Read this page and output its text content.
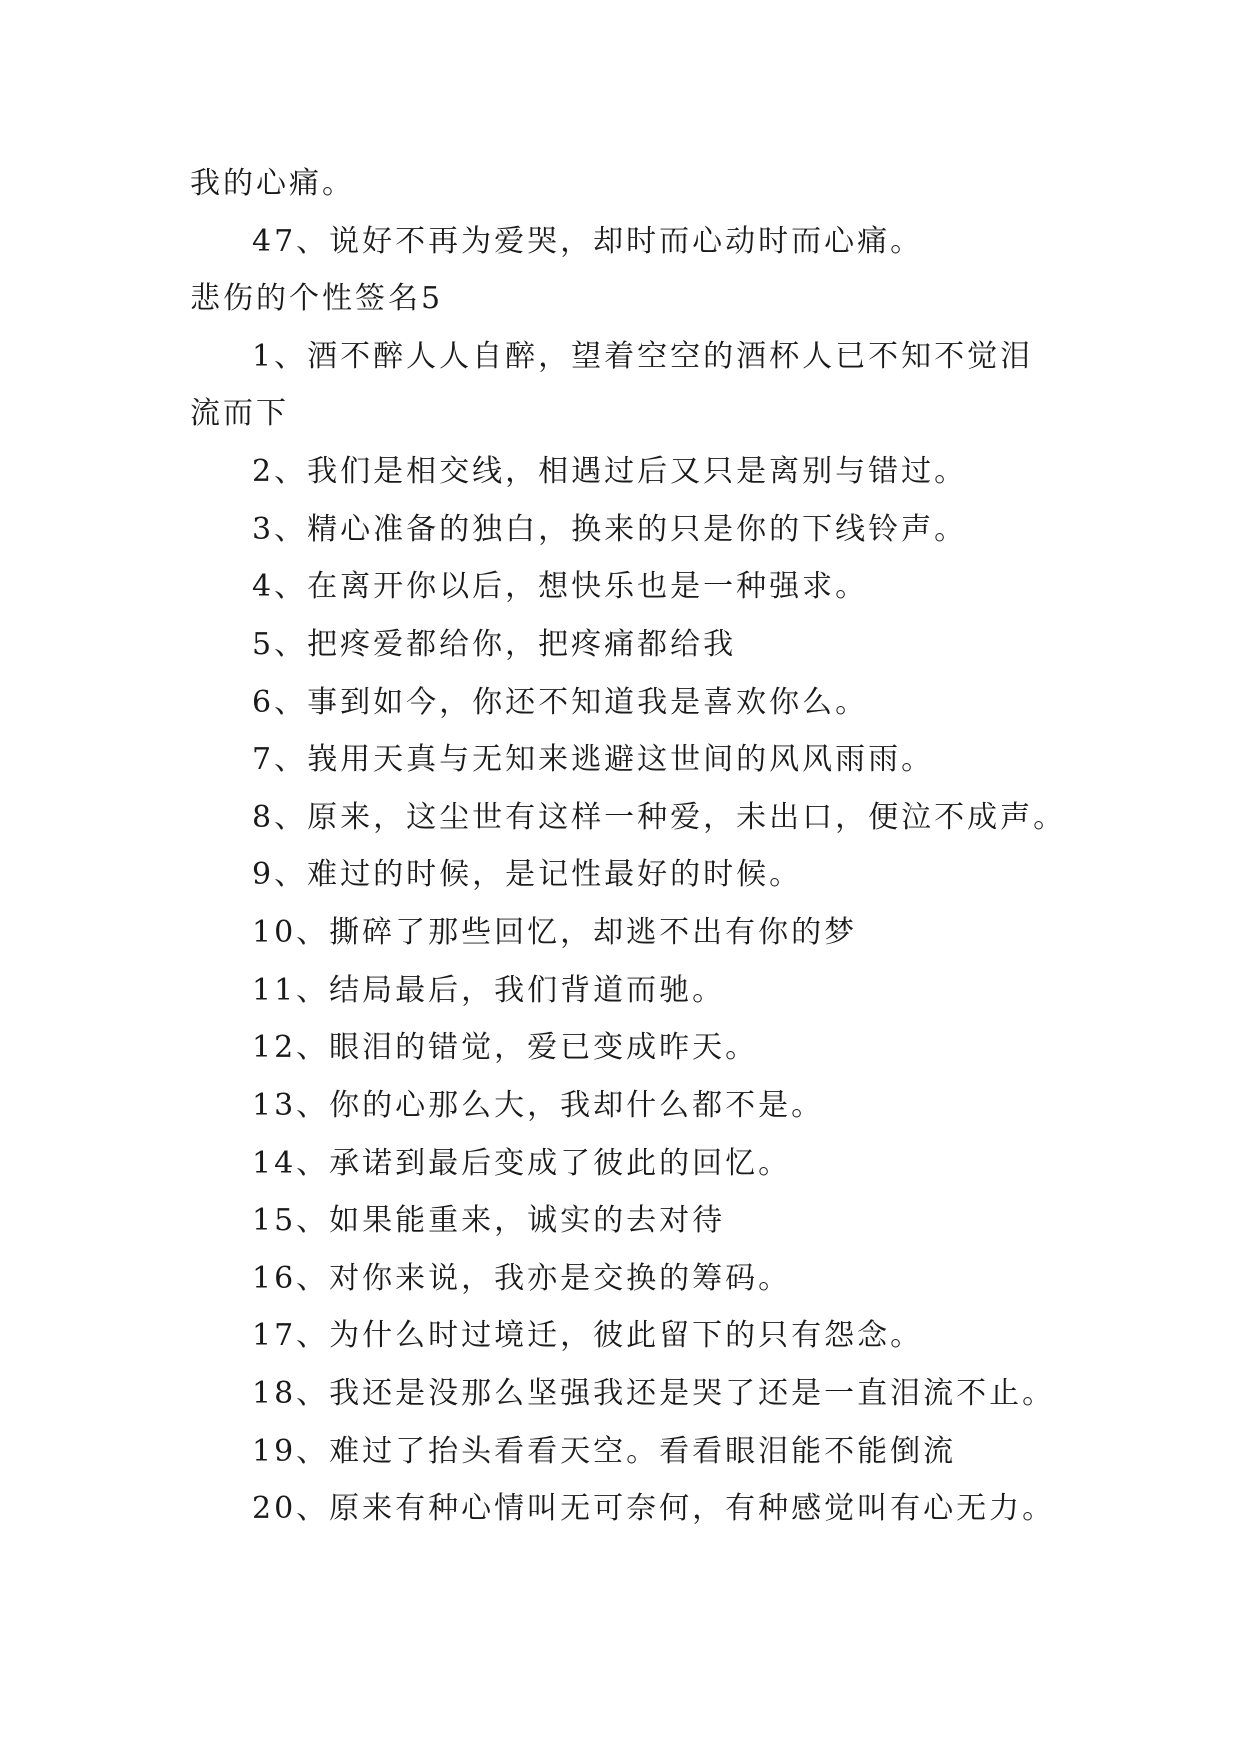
我的心痛。
47、说好不再为爱哭，却时而心动时而心痛。
悲伤的个性签名5
1、酒不醉人人自醉，望着空空的酒杯人已不知不觉泪
流而下
2、我们是相交线，相遇过后又只是离别与错过。
3、精心准备的独白，换来的只是你的下线铃声。
4、在离开你以后，想快乐也是一种强求。
5、把疼爱都给你，把疼痛都给我
6、事到如今，你还不知道我是喜欢你么。
7、峩用天真与无知来逃避这世间的风风雨雨。
8、原来，这尘世有这样一种爱，未出口，便泣不成声。
9、难过的时候，是记性最好的时候。
10、撕碎了那些回忆，却逃不出有你的梦
11、结局最后，我们背道而驰。
12、眼泪的错觉，爱已变成昨天。
13、你的心那么大，我却什么都不是。
14、承诺到最后变成了彼此的回忆。
15、如果能重来，诚实的去对待
16、对你来说，我亦是交换的筹码。
17、为什么时过境迁，彼此留下的只有怨念。
18、我还是没那么坚强我还是哭了还是一直泪流不止。
19、难过了抬头看看天空。看看眼泪能不能倒流
20、原来有种心情叫无可奈何，有种感觉叫有心无力。
